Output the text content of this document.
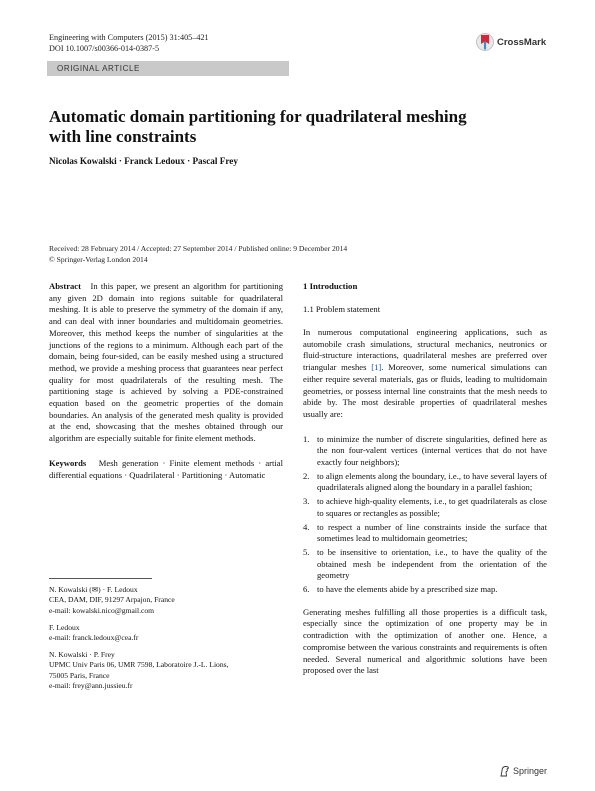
Engineering with Computers (2015) 31:405–421
DOI 10.1007/s00366-014-0387-5
CrossMark
ORIGINAL ARTICLE
Automatic domain partitioning for quadrilateral meshing
with line constraints
Nicolas Kowalski · Franck Ledoux · Pascal Frey
Received: 28 February 2014 / Accepted: 27 September 2014 / Published online: 9 December 2014
© Springer-Verlag London 2014

Abstract In this paper, we present an algorithm for partitioning any given 2D domain into regions suitable for quadrilateral meshing. It is able to preserve the symmetry of the domain if any, and can deal with inner boundaries and multidomain geometries. Moreover, this method keeps the number of singularities at the junctions of the regions to a minimum. Although each part of the domain, being four-sided, can be easily meshed using a structured method, we provide a meshing process that guarantees near perfect quality for most quadrilaterals of the resulting mesh. The partitioning stage is achieved by solving a PDE-constrained equation based on the geometric properties of the domain boundaries. An analysis of the generated mesh quality is provided at the end, showcasing that the meshes obtained through our algorithm are especially suitable for finite element methods.

Keywords Mesh generation · Finite element methods · artial differential equations · Quadrilateral · Partitioning · Automatic

N. Kowalski (✉) · F. Ledoux
CEA, DAM, DIF, 91297 Arpajon, France
e-mail: kowalski.nico@gmail.com
F. Ledoux
e-mail: franck.ledoux@cea.fr
N. Kowalski · P. Frey
UPMC Univ Paris 06, UMR 7598, Laboratoire J.-L. Lions,
75005 Paris, France
e-mail: frey@ann.jussieu.fr
1 Introduction
1.1 Problem statement

In numerous computational engineering applications, such as automobile crash simulations, structural mechanics, neutronics or fluid-structure interactions, quadrilateral meshes are preferred over triangular meshes [1]. Moreover, some numerical simulations can either require several materials, gas or fluids, leading to multidomain geometries, or possess internal line constraints that the mesh needs to abide by. The most desirable properties of quadrilateral meshes usually are:

1. to minimize the number of discrete singularities, defined here as the non four-valent vertices (internal vertices that do not have exactly four neighbors);
2. to align elements along the boundary, i.e., to have several layers of quadrilaterals aligned along the boundary in a parallel fashion;
3. to achieve high-quality elements, i.e., to get quadrilaterals as close to squares or rectangles as possible;
4. to respect a number of line constraints inside the surface that sometimes lead to multidomain geometries;
5. to be insensitive to orientation, i.e., to have the quality of the obtained mesh be independent from the orientation of the geometry
6. to have the elements abide by a prescribed size map.

Generating meshes fulfilling all those properties is a difficult task, especially since the optimization of one property may be in contradiction with the optimization of another one. Hence, a compromise between the various constraints and requirements is often needed. Several numerical and algorithmic solutions have been proposed over the last

Springer
